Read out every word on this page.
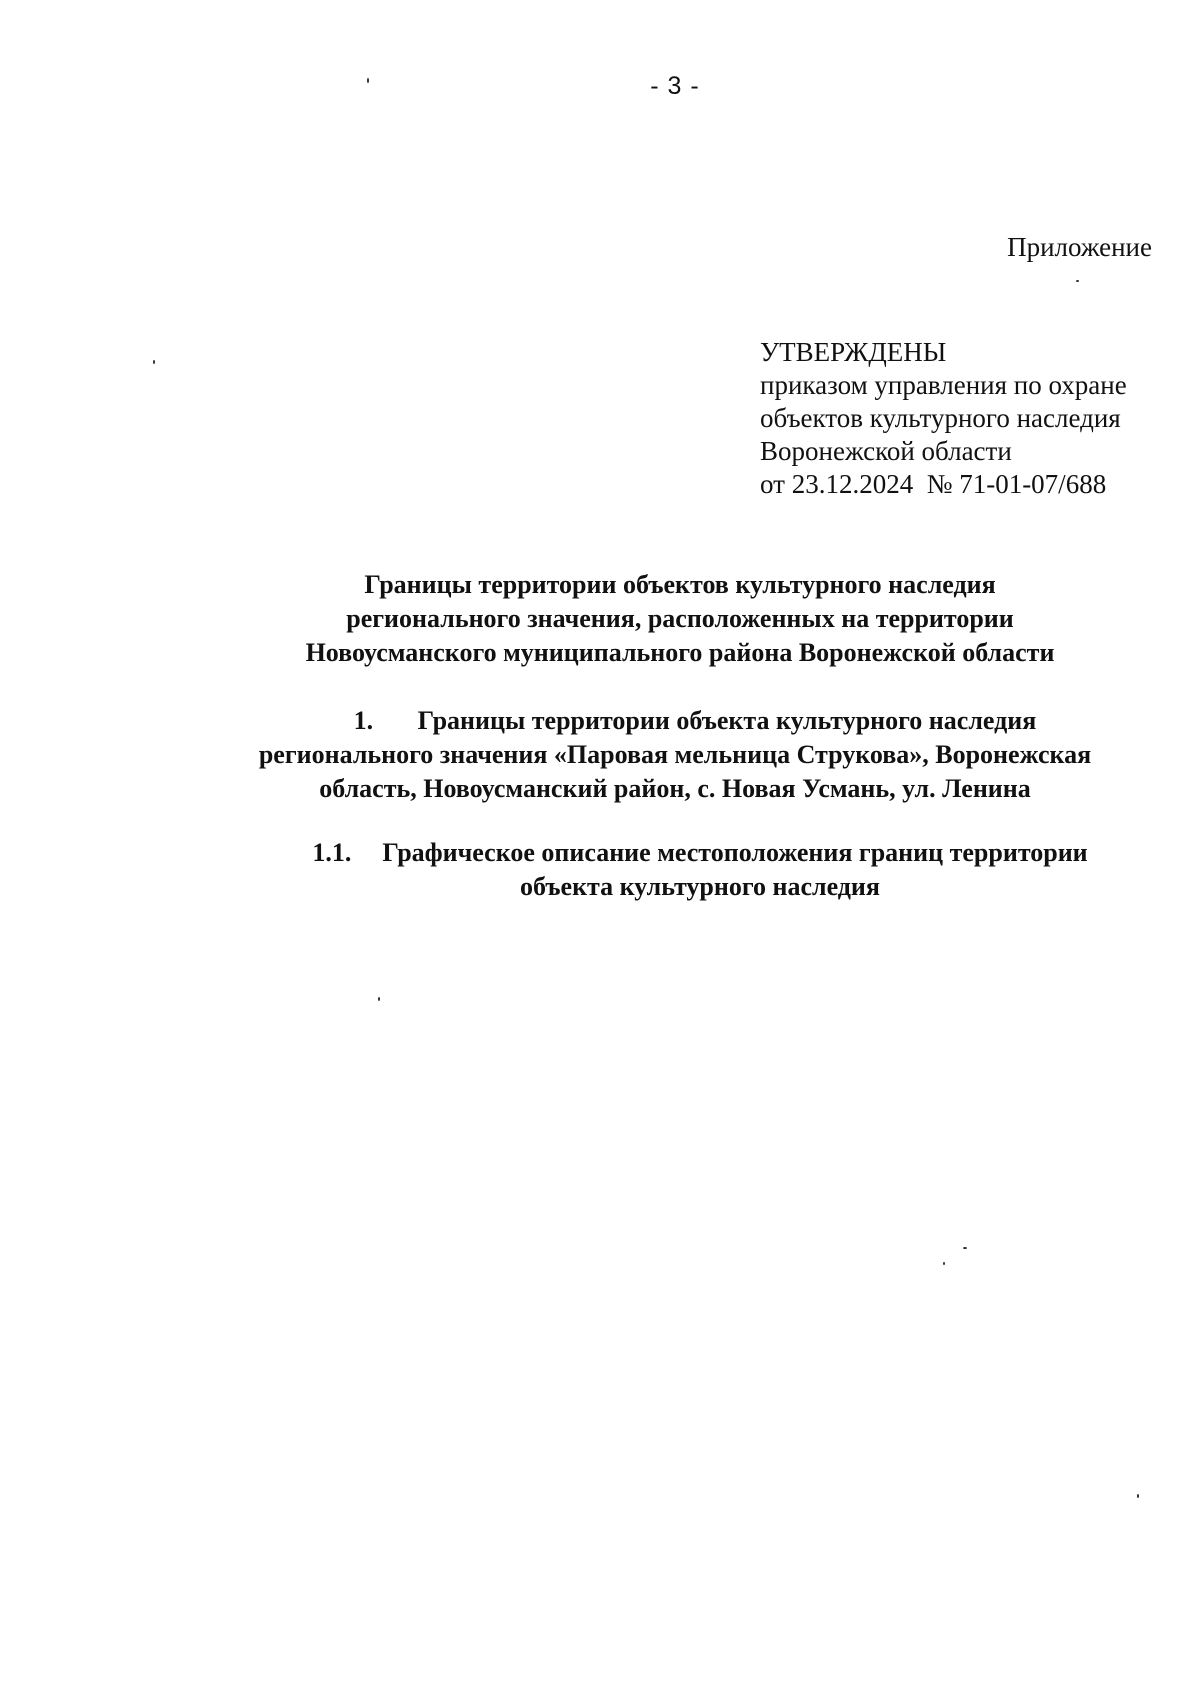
- 3 -
Приложение
УТВЕРЖДЕНЫ
приказом управления по охране
объектов культурного наследия
Воронежской области
от 23.12.2024  № 71-01-07/688
Границы территории объектов культурного наследия
регионального значения, расположенных на территории
Новоусманского муниципального района Воронежской области
1. Границы территории объекта культурного наследия
регионального значения «Паровая мельница Струкова», Воронежская
область, Новоусманский район, с. Новая Усмань, ул. Ленина
1.1. Графическое описание местоположения границ территории
объекта культурного наследия
